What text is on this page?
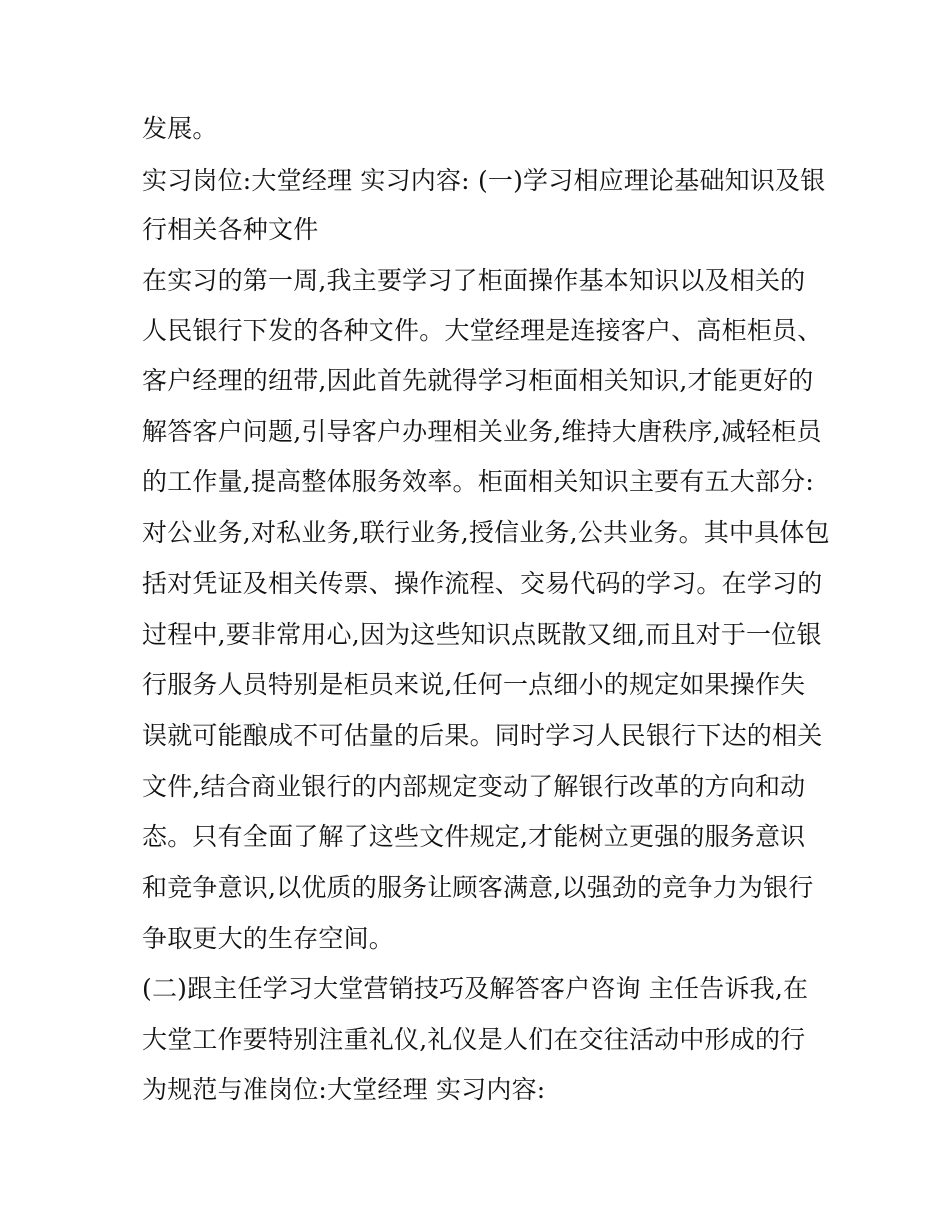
发展。
实习岗位:大堂经理 实习内容: (一)学习相应理论基础知识及银
行相关各种文件
在实习的第一周,我主要学习了柜面操作基本知识以及相关的
人民银行下发的各种文件。大堂经理是连接客户、高柜柜员、
客户经理的纽带,因此首先就得学习柜面相关知识,才能更好的
解答客户问题,引导客户办理相关业务,维持大唐秩序,减轻柜员
的工作量,提高整体服务效率。柜面相关知识主要有五大部分:
对公业务,对私业务,联行业务,授信业务,公共业务。其中具体包
括对凭证及相关传票、操作流程、交易代码的学习。在学习的
过程中,要非常用心,因为这些知识点既散又细,而且对于一位银
行服务人员特别是柜员来说,任何一点细小的规定如果操作失
误就可能酿成不可估量的后果。同时学习人民银行下达的相关
文件,结合商业银行的内部规定变动了解银行改革的方向和动
态。只有全面了解了这些文件规定,才能树立更强的服务意识
和竞争意识,以优质的服务让顾客满意,以强劲的竞争力为银行
争取更大的生存空间。
(二)跟主任学习大堂营销技巧及解答客户咨询 主任告诉我,在
大堂工作要特别注重礼仪,礼仪是人们在交往活动中形成的行
为规范与准岗位:大堂经理 实习内容:
